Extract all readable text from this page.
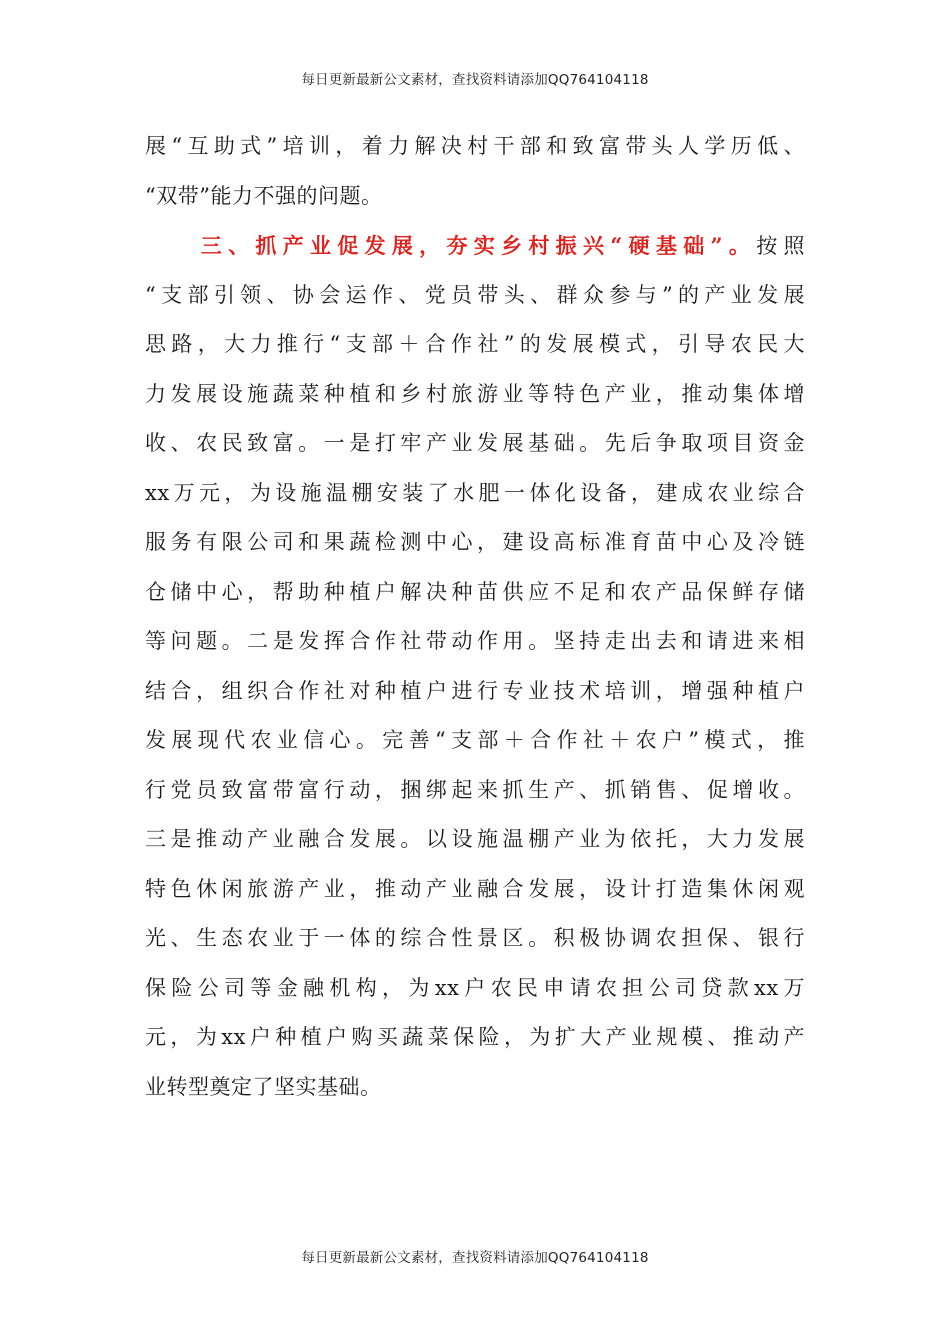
每日更新最新公文素材，查找资料请添加QQ764104118
展“互助式”培训，着力解决村干部和致富带头人学历低、
“双带”能力不强的问题。
三、抓产业促发展，夯实乡村振兴“硬基础”。按照
“支部引领、协会运作、党员带头、群众参与”的产业发展
思路，大力推行“支部＋合作社”的发展模式，引导农民大
力发展设施蔬菜种植和乡村旅游业等特色产业，推动集体增
收、农民致富。一是打牢产业发展基础。先后争取项目资金
xx万元，为设施温棚安装了水肥一体化设备，建成农业综合
服务有限公司和果蔬检测中心，建设高标准育苗中心及冷链
仓储中心，帮助种植户解决种苗供应不足和农产品保鲜存储
等问题。二是发挥合作社带动作用。坚持走出去和请进来相
结合，组织合作社对种植户进行专业技术培训，增强种植户
发展现代农业信心。完善“支部＋合作社＋农户”模式，推
行党员致富带富行动，捆绑起来抓生产、抓销售、促增收。
三是推动产业融合发展。以设施温棚产业为依托，大力发展
特色休闲旅游产业，推动产业融合发展，设计打造集休闲观
光、生态农业于一体的综合性景区。积极协调农担保、银行
保险公司等金融机构，为xx户农民申请农担公司贷款xx万
元，为xx户种植户购买蔬菜保险，为扩大产业规模、推动产
业转型奠定了坚实基础。
每日更新最新公文素材，查找资料请添加QQ764104118
